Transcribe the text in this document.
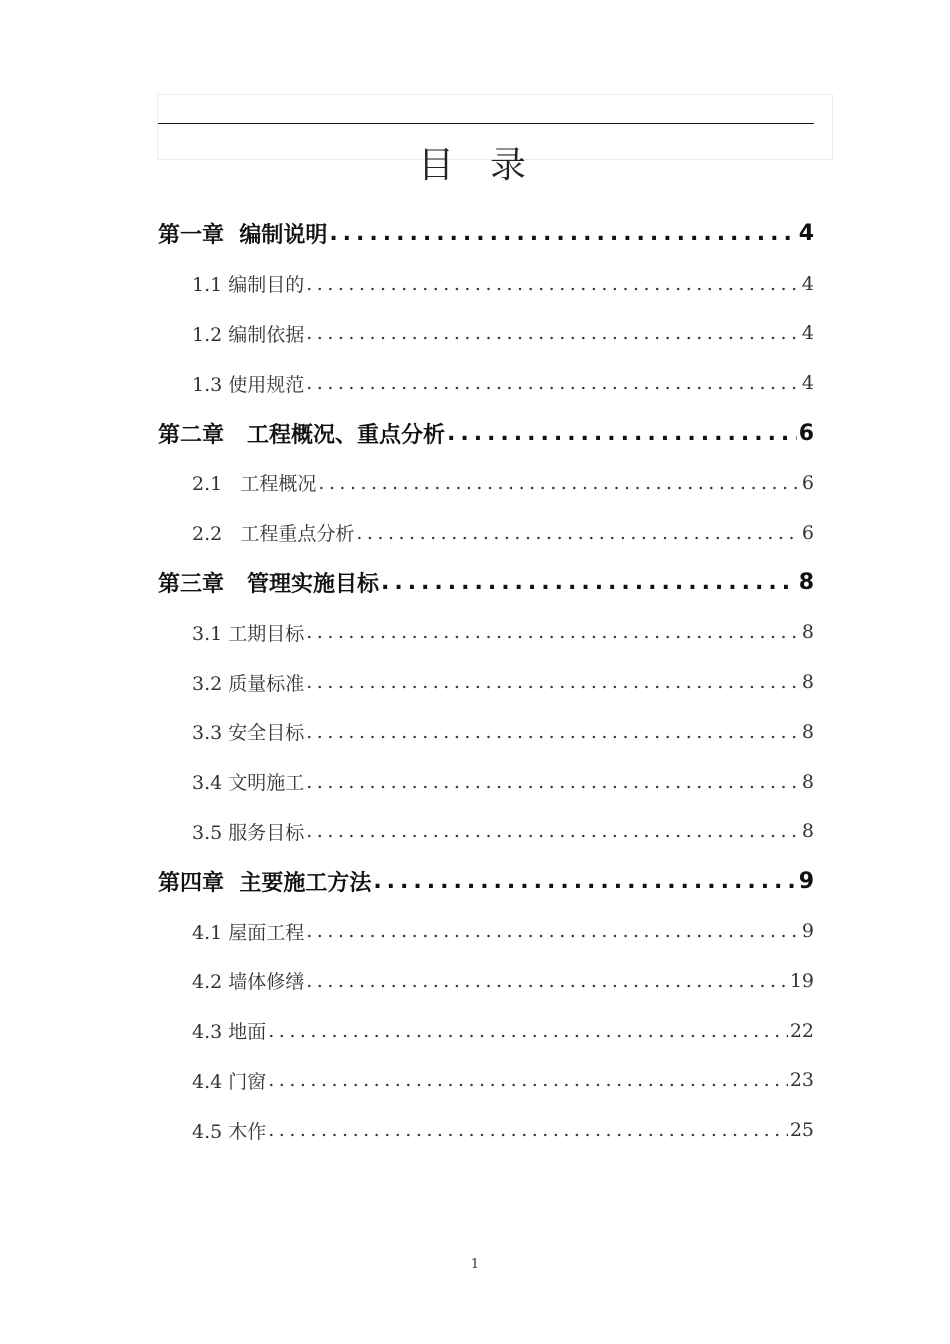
目录
第一章  编制说明 .....	4
1.1 编制目的 .....	4
1.2 编制依据 .....	4
1.3 使用规范 .....	4
第二章   工程概况、重点分析 .....	6
2.1   工程概况 .....	6
2.2   工程重点分析 .....	6
第三章   管理实施目标 .....	8
3.1 工期目标 .....	8
3.2 质量标准 .....	8
3.3 安全目标 .....	8
3.4 文明施工 .....	8
3.5 服务目标 .....	8
第四章  主要施工方法 .....	9
4.1 屋面工程 .....	9
4.2 墙体修缮 .....	19
4.3 地面 .....	22
4.4 门窗 .....	23
4.5 木作 .....	25
1
